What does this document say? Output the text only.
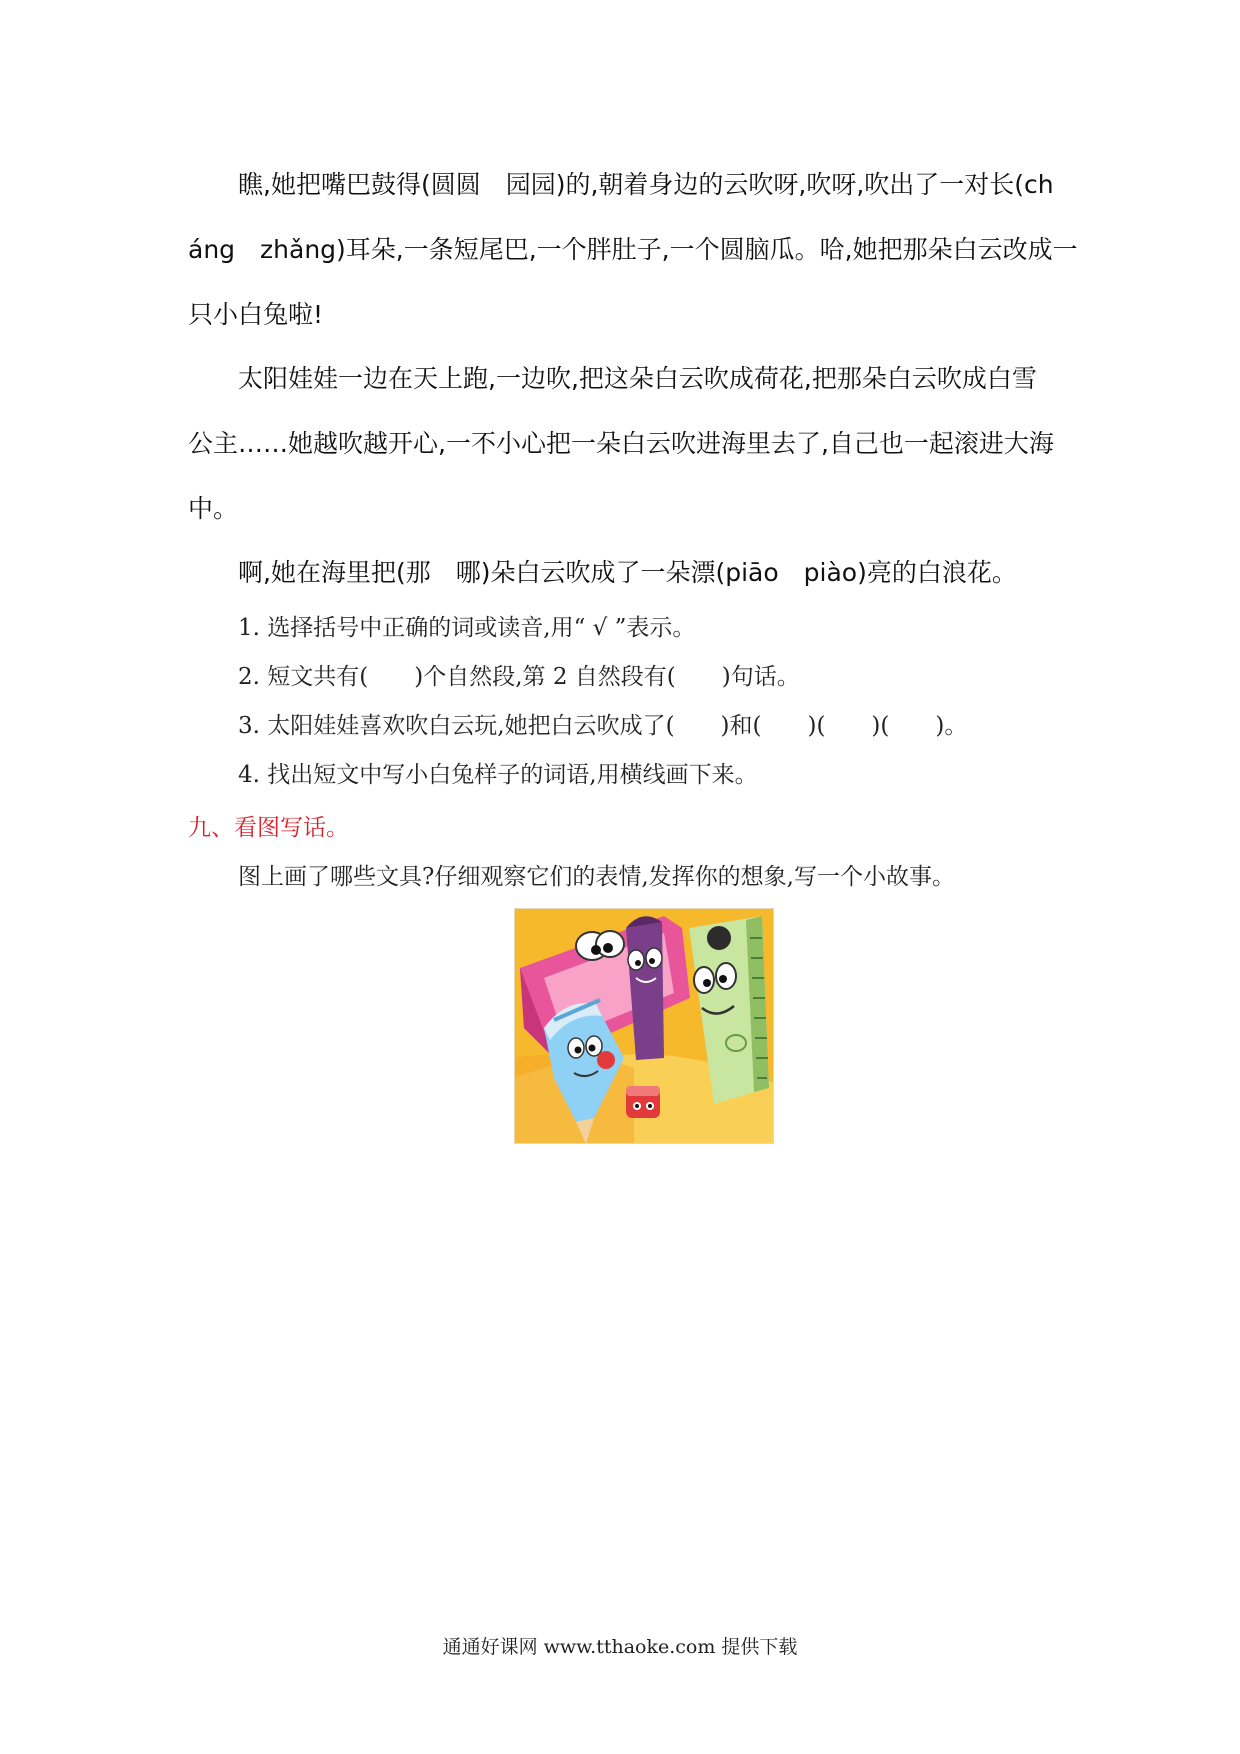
瞧,她把嘴巴鼓得(圆圆　园园)的,朝着身边的云吹呀,吹呀,吹出了一对长(ch
áng　zhǎng)耳朵,一条短尾巴,一个胖肚子,一个圆脑瓜。哈,她把那朵白云改成一
只小白兔啦!
太阳娃娃一边在天上跑,一边吹,把这朵白云吹成荷花,把那朵白云吹成白雪
公主……她越吹越开心,一不小心把一朵白云吹进海里去了,自己也一起滚进大海
中。
啊,她在海里把(那　哪)朵白云吹成了一朵漂(piāo　piào)亮的白浪花。
1. 选择括号中正确的词或读音,用“ √ ”表示。
2. 短文共有(　　)个自然段,第 2 自然段有(　　)句话。
3. 太阳娃娃喜欢吹白云玩,她把白云吹成了(　　)和(　　)(　　)(　　)。
4. 找出短文中写小白兔样子的词语,用横线画下来。
九、看图写话。
图上画了哪些文具?仔细观察它们的表情,发挥你的想象,写一个小故事。
通通好课网 www.tthaoke.com 提供下载
